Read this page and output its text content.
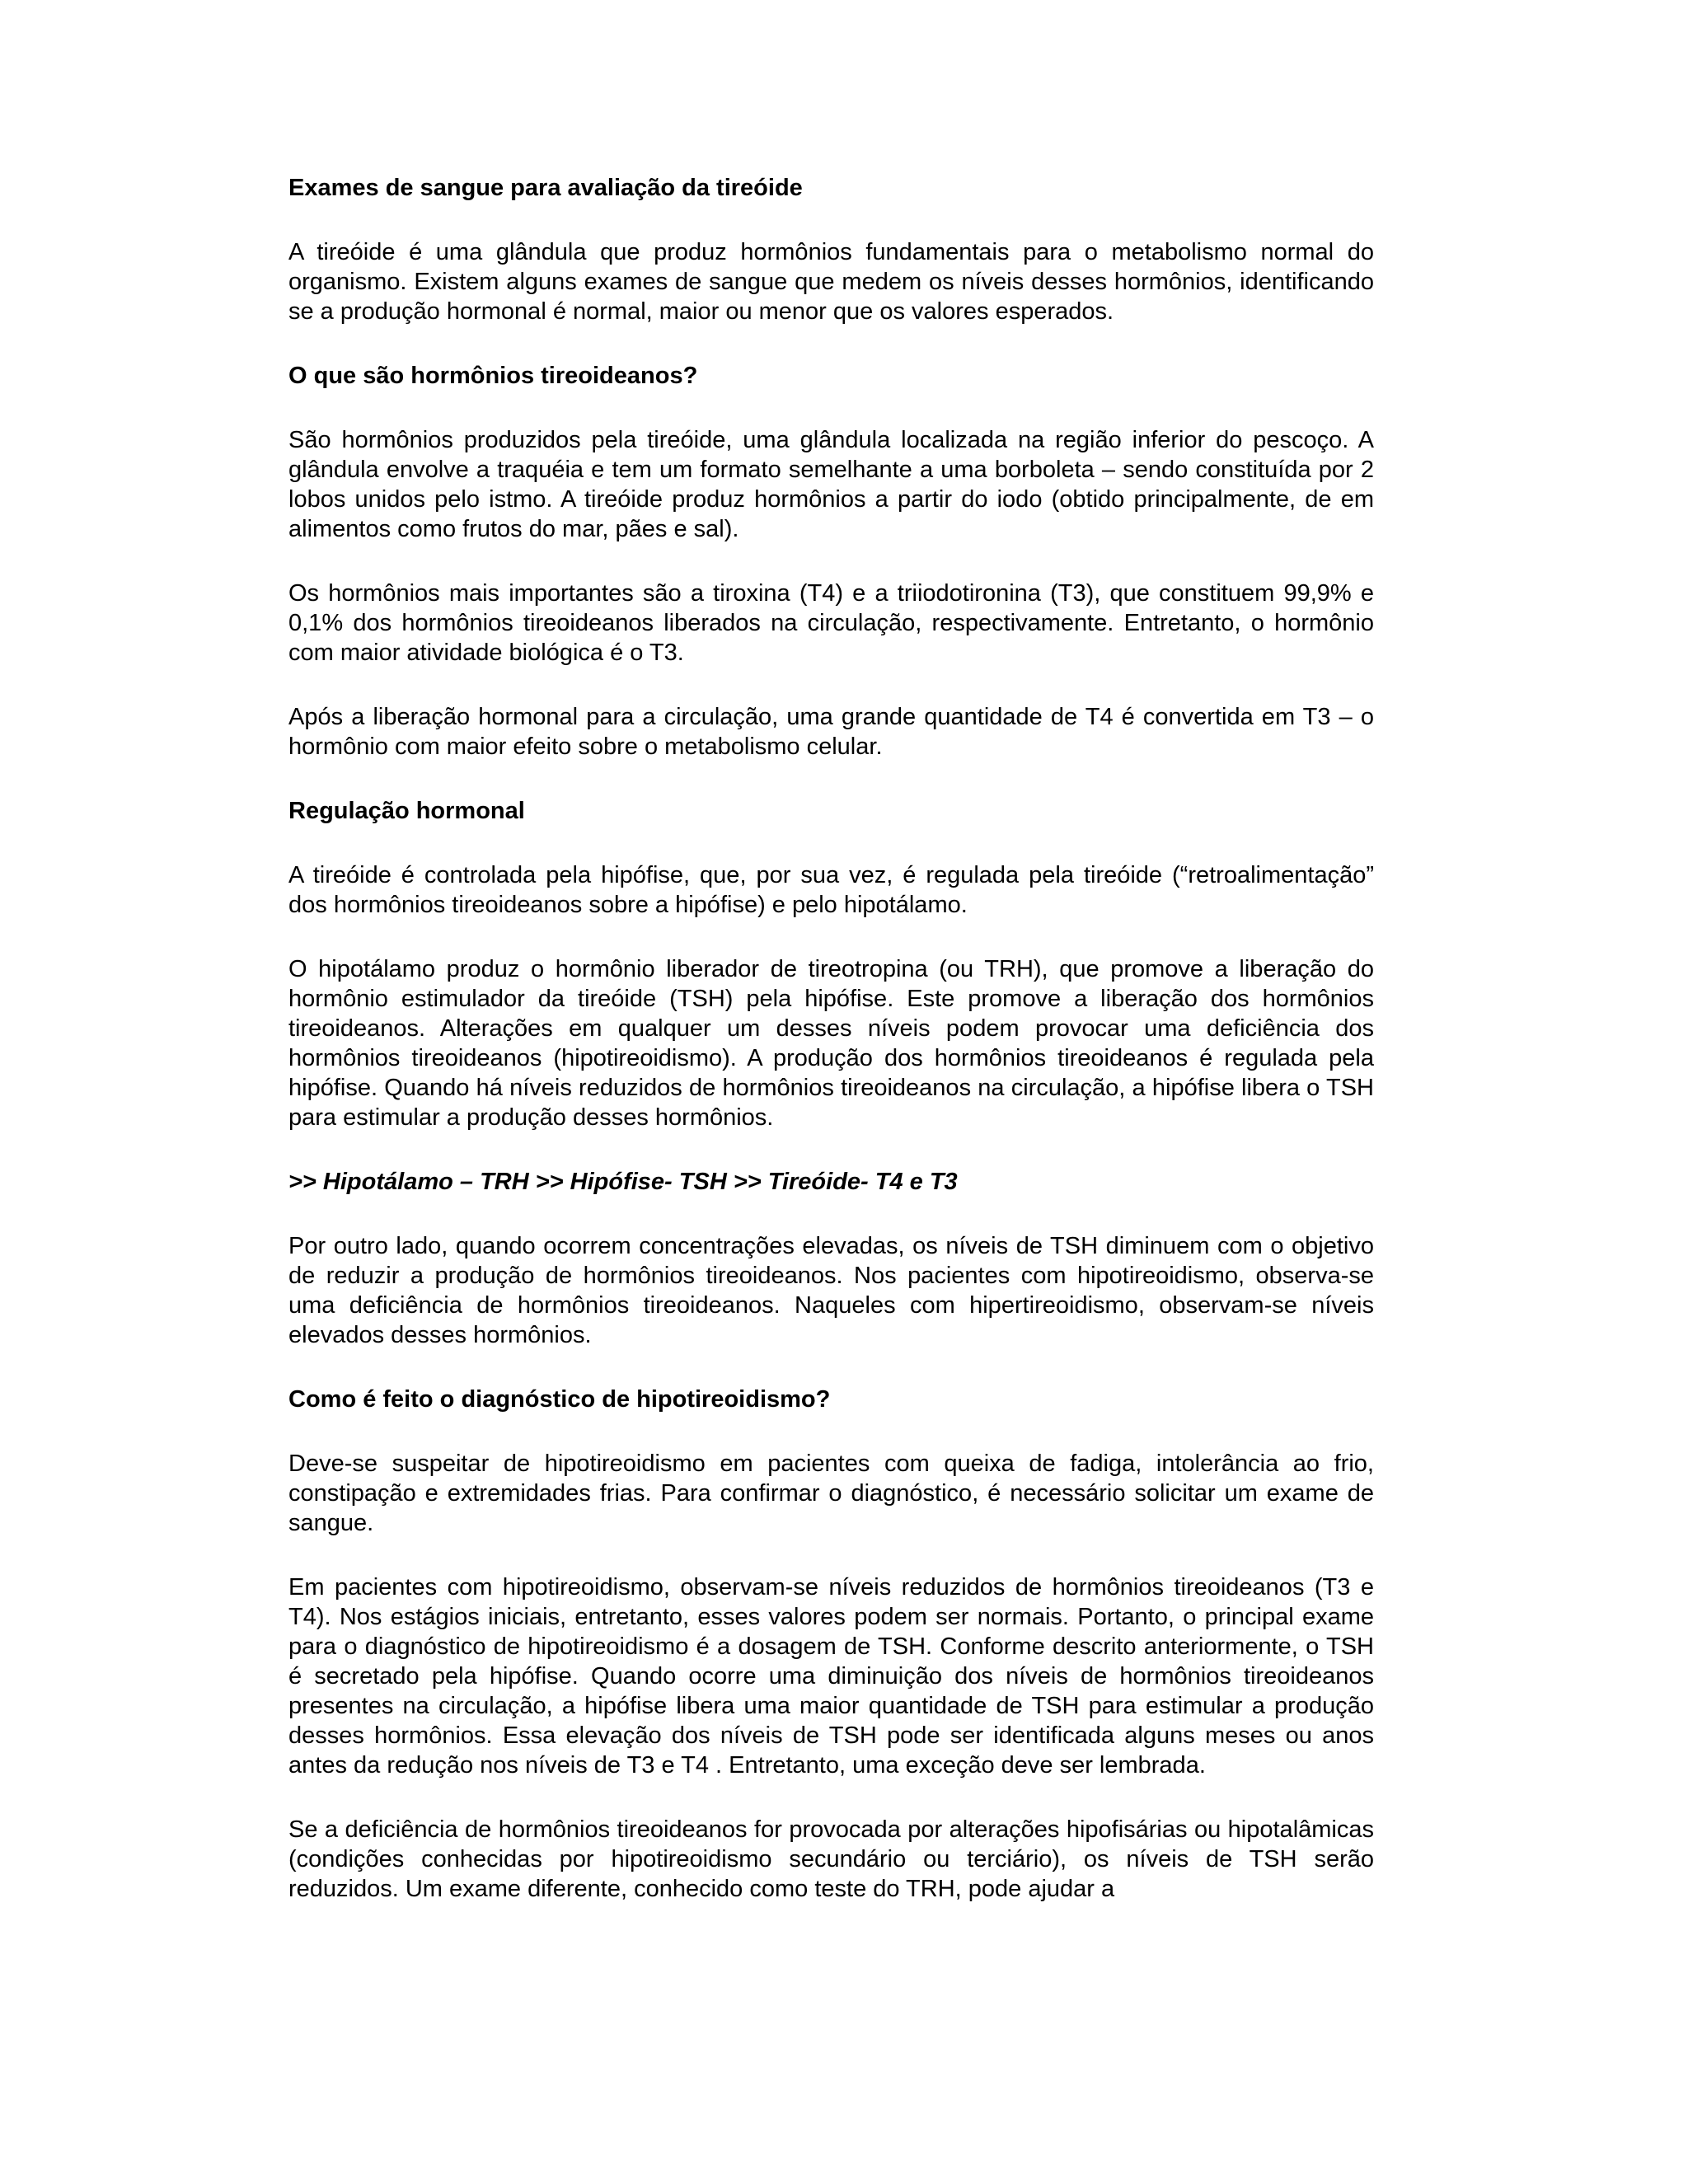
Exames de sangue para avaliação da tireóide

A tireóide é uma glândula que produz hormônios fundamentais para o metabolismo normal do organismo. Existem alguns exames de sangue que medem os níveis desses hormônios, identificando se a produção hormonal é normal, maior ou menor que os valores esperados.

O que são hormônios tireoideanos?

São hormônios produzidos pela tireóide, uma glândula localizada na região inferior do pescoço. A glândula envolve a traquéia e tem um formato semelhante a uma borboleta – sendo constituída por 2 lobos unidos pelo istmo. A tireóide produz hormônios a partir do iodo (obtido principalmente, de em alimentos como frutos do mar, pães e sal).

Os hormônios mais importantes são a tiroxina (T4) e a triiodotironina (T3), que constituem 99,9% e 0,1% dos hormônios tireoideanos liberados na circulação, respectivamente. Entretanto, o hormônio com maior atividade biológica é o T3.

Após a liberação hormonal para a circulação, uma grande quantidade de T4 é convertida em T3 – o hormônio com maior efeito sobre o metabolismo celular.

Regulação hormonal

A tireóide é controlada pela hipófise, que, por sua vez, é regulada pela tireóide (“retroalimentação” dos hormônios tireoideanos sobre a hipófise) e pelo hipotálamo.

O hipotálamo produz o hormônio liberador de tireotropina (ou TRH), que promove a liberação do hormônio estimulador da tireóide (TSH) pela hipófise. Este promove a liberação dos hormônios tireoideanos. Alterações em qualquer um desses níveis podem provocar uma deficiência dos hormônios tireoideanos (hipotireoidismo). A produção dos hormônios tireoideanos é regulada pela hipófise. Quando há níveis reduzidos de hormônios tireoideanos na circulação, a hipófise libera o TSH para estimular a produção desses hormônios.

>> Hipotálamo – TRH >> Hipófise- TSH >> Tireóide- T4 e T3

Por outro lado, quando ocorrem concentrações elevadas, os níveis de TSH diminuem com o objetivo de reduzir a produção de hormônios tireoideanos. Nos pacientes com hipotireoidismo, observa-se uma deficiência de hormônios tireoideanos. Naqueles com hipertireoidismo, observam-se níveis elevados desses hormônios.

Como é feito o diagnóstico de hipotireoidismo?

Deve-se suspeitar de hipotireoidismo em pacientes com queixa de fadiga, intolerância ao frio, constipação e extremidades frias. Para confirmar o diagnóstico, é necessário solicitar um exame de sangue.

Em pacientes com hipotireoidismo, observam-se níveis reduzidos de hormônios tireoideanos (T3 e T4). Nos estágios iniciais, entretanto, esses valores podem ser normais. Portanto, o principal exame para o diagnóstico de hipotireoidismo é a dosagem de TSH. Conforme descrito anteriormente, o TSH é secretado pela hipófise. Quando ocorre uma diminuição dos níveis de hormônios tireoideanos presentes na circulação, a hipófise libera uma maior quantidade de TSH para estimular a produção desses hormônios. Essa elevação dos níveis de TSH pode ser identificada alguns meses ou anos antes da redução nos níveis de T3 e T4 . Entretanto, uma exceção deve ser lembrada.

Se a deficiência de hormônios tireoideanos for provocada por alterações hipofisárias ou hipotalâmicas (condições conhecidas por hipotireoidismo secundário ou terciário), os níveis de TSH serão reduzidos. Um exame diferente, conhecido como teste do TRH, pode ajudar a
